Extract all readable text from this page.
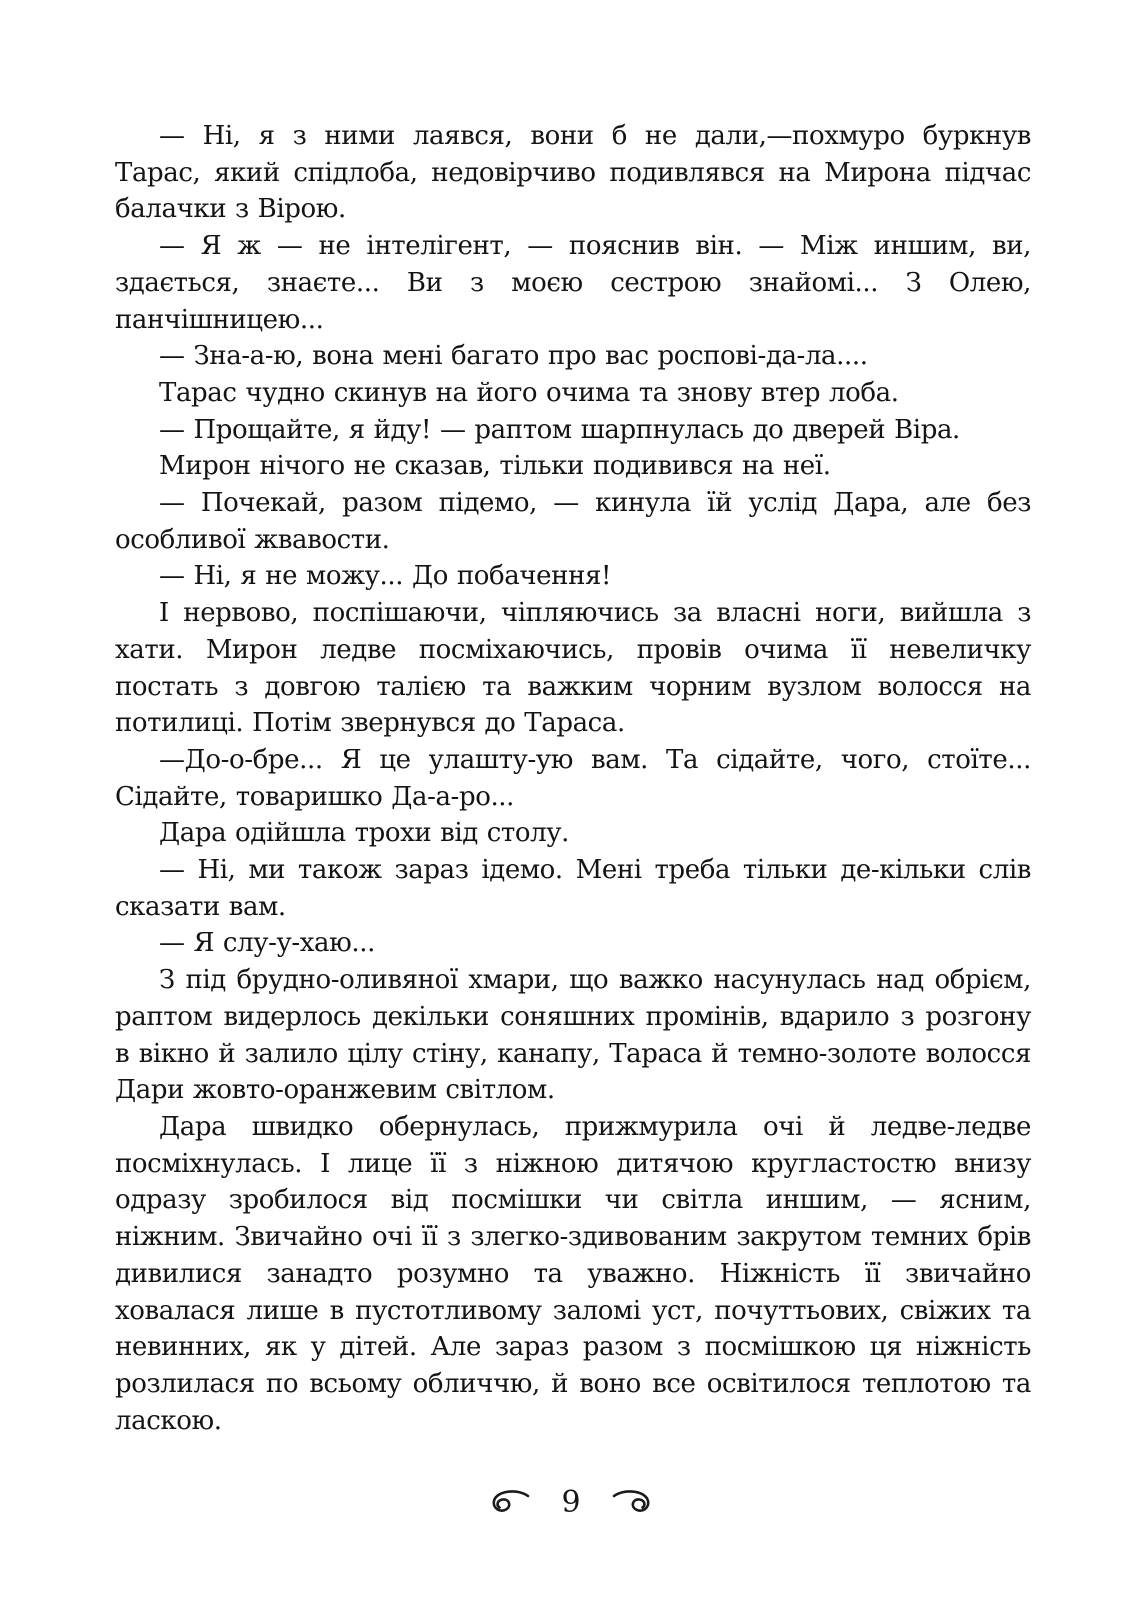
— Ні, я з ними лаявся, вони б не дали,—похмуро буркнув Тарас, який спідлоба, недовірчиво подивлявся на Мирона підчас балачки з Вірою.

— Я ж — не інтелігент, — пояснив він. — Між иншим, ви, здається, знаєте... Ви з моєю сестрою знайомі... З Олею, панчішницею...

— Зна-а-ю, вона мені багато про вас роспові-да-ла....

Тарас чудно скинув на його очима та знову втер лоба.

— Прощайте, я йду! — раптом шарпнулась до дверей Віра.

Мирон нічого не сказав, тільки подивився на неї.

— Почекай, разом підемо, — кинула їй услід Дара, але без особливої жвавости.

— Ні, я не можу... До побачення!

І нервово, поспішаючи, чіпляючись за власні ноги, вийшла з хати. Мирон ледве посміхаючись, провів очима її невеличку постать з довгою талією та важким чорним вузлом волосся на потилиці. Потім звернувся до Тараса.

—До-о-бре... Я це улашту-ую вам. Та сідайте, чого, стоїте... Сідайте, товаришко Да-а-ро...

Дара одійшла трохи від столу.

— Ні, ми також зараз ідемо. Мені треба тільки де-кільки слів сказати вам.

— Я слу-у-хаю...

З під брудно-оливяної хмари, що важко насунулась над обрієм, раптом видерлось декільки соняшних промінів, вдарило з розгону в вікно й залило цілу стіну, канапу, Тараса й темно-золоте волосся Дари жовто-оранжевим світлом.

Дара швидко обернулась, прижмурила очі й ледве-ледве посміхнулась. І лице її з ніжною дитячою кругластостю внизу одразу зробилося від посмішки чи світла иншим, — ясним, ніжним. Звичайно очі її з злегко-здивованим закрутом темних брів дивилися занадто розумно та уважно. Ніжність її звичайно ховалася лише в пустотливому заломі уст, почуттьових, свіжих та невинних, як у дітей. Але зараз разом з посмішкою ця ніжність розлилася по всьому обличчю, й воно все освітилося теплотою та ласкою.

9
